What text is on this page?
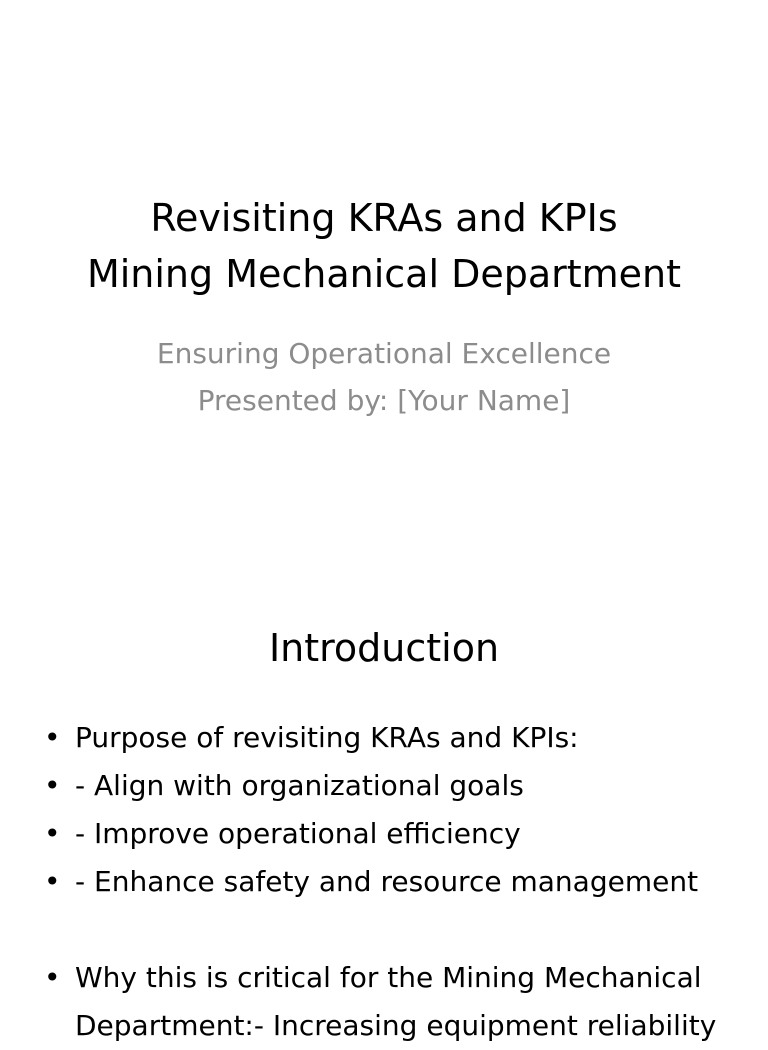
Revisiting KRAs and KPIs
Mining Mechanical Department
Ensuring Operational Excellence
Presented by: [Your Name]
Introduction
• Purpose of revisiting KRAs and KPIs:
• - Align with organizational goals
• - Improve operational efficiency
• - Enhance safety and resource management
• Why this is critical for the Mining Mechanical Department:- Increasing equipment reliability
